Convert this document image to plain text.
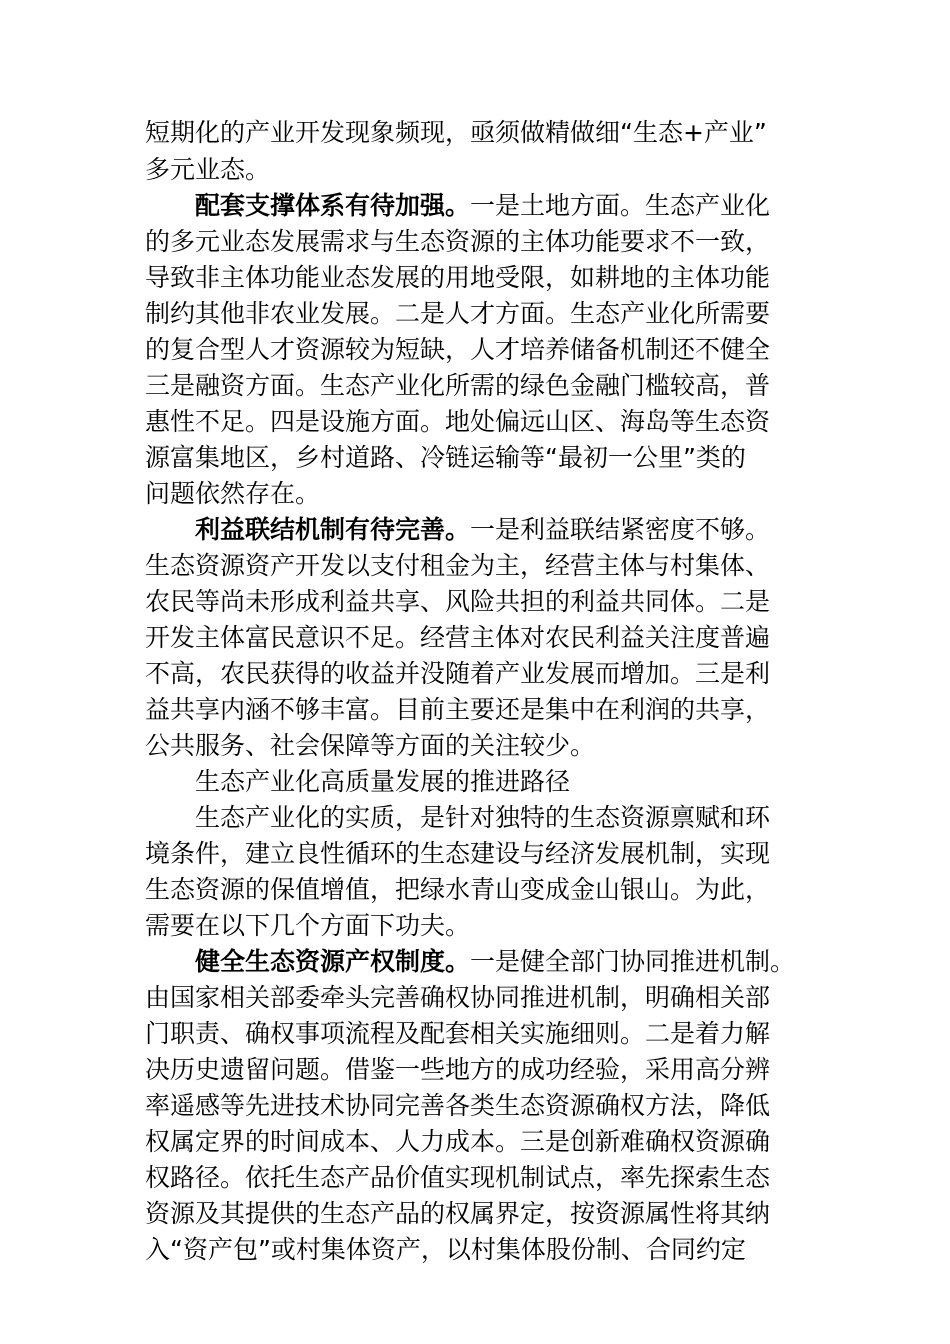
短期化的产业开发现象频现，亟须做精做细“生态+产业”
多元业态。
配套支撑体系有待加强。一是土地方面。生态产业化
的多元业态发展需求与生态资源的主体功能要求不一致，
导致非主体功能业态发展的用地受限，如耕地的主体功能
制约其他非农业发展。二是人才方面。生态产业化所需要
的复合型人才资源较为短缺，人才培养储备机制还不健全
三是融资方面。生态产业化所需的绿色金融门槛较高，普
惠性不足。四是设施方面。地处偏远山区、海岛等生态资
源富集地区，乡村道路、冷链运输等“最初一公里”类的
问题依然存在。
利益联结机制有待完善。一是利益联结紧密度不够。
生态资源资产开发以支付租金为主，经营主体与村集体、
农民等尚未形成利益共享、风险共担的利益共同体。二是
开发主体富民意识不足。经营主体对农民利益关注度普遍
不高，农民获得的收益并没随着产业发展而增加。三是利
益共享内涵不够丰富。目前主要还是集中在利润的共享，
公共服务、社会保障等方面的关注较少。
生态产业化高质量发展的推进路径
生态产业化的实质，是针对独特的生态资源禀赋和环
境条件，建立良性循环的生态建设与经济发展机制，实现
生态资源的保值增值，把绿水青山变成金山银山。为此，
需要在以下几个方面下功夫。
健全生态资源产权制度。一是健全部门协同推进机制。
由国家相关部委牵头完善确权协同推进机制，明确相关部
门职责、确权事项流程及配套相关实施细则。二是着力解
决历史遗留问题。借鉴一些地方的成功经验，采用高分辨
率遥感等先进技术协同完善各类生态资源确权方法，降低
权属定界的时间成本、人力成本。三是创新难确权资源确
权路径。依托生态产品价值实现机制试点，率先探索生态
资源及其提供的生态产品的权属界定，按资源属性将其纳
入“资产包”或村集体资产，以村集体股份制、合同约定
